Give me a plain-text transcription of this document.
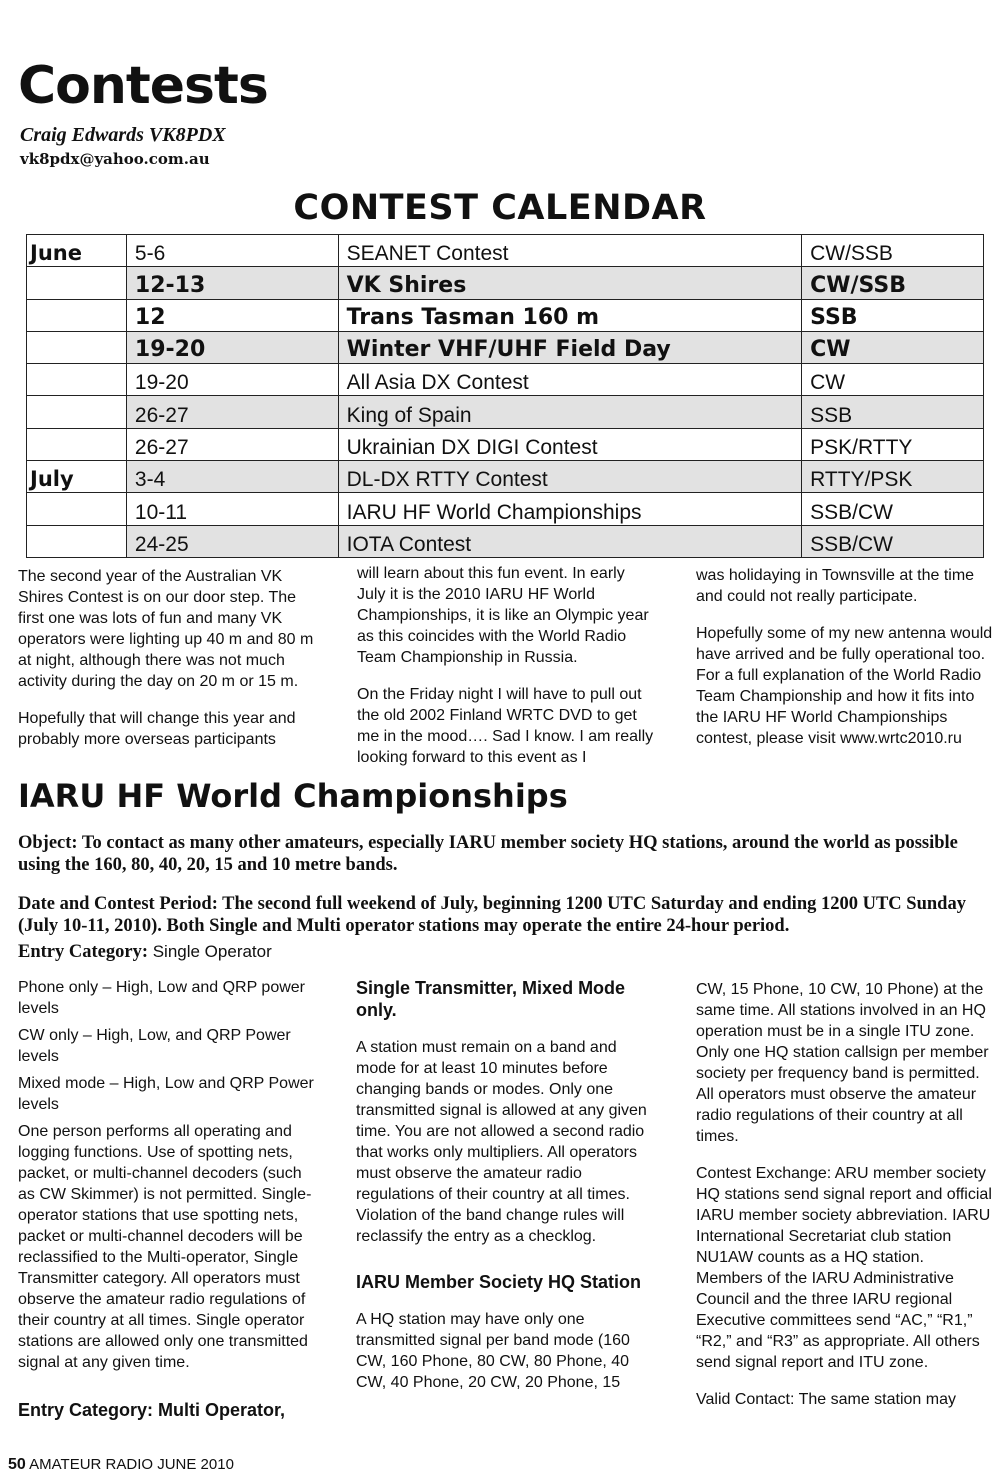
Contests
Craig Edwards VK8PDX
vk8pdx@yahoo.com.au
CONTEST CALENDAR
June	5-6	SEANET Contest	CW/SSB
	12-13	VK Shires	CW/SSB
	12	Trans Tasman 160 m	SSB
	19-20	Winter VHF/UHF Field Day	CW
	19-20	All Asia DX Contest	CW
	26-27	King of Spain	SSB
	26-27	Ukrainian DX DIGI Contest	PSK/RTTY
July	3-4	DL-DX RTTY Contest	RTTY/PSK
	10-11	IARU HF World Championships	SSB/CW
	24-25	IOTA Contest	SSB/CW

The second year of the Australian VK Shires Contest is on our door step. The first one was lots of fun and many VK operators were lighting up 40 m and 80 m at night, although there was not much activity during the day on 20 m or 15 m.

Hopefully that will change this year and probably more overseas participants

will learn about this fun event. In early July it is the 2010 IARU HF World Championships, it is like an Olympic year as this coincides with the World Radio Team Championship in Russia.

On the Friday night I will have to pull out the old 2002 Finland WRTC DVD to get me in the mood…. Sad I know. I am really looking forward to this event as I

was holidaying in Townsville at the time and could not really participate.

Hopefully some of my new antenna would have arrived and be fully operational too. For a full explanation of the World Radio Team Championship and how it fits into the IARU HF World Championships contest, please visit www.wrtc2010.ru

IARU HF World Championships
Object: To contact as many other amateurs, especially IARU member society HQ stations, around the world as possible using the 160, 80, 40, 20, 15 and 10 metre bands.
Date and Contest Period: The second full weekend of July, beginning 1200 UTC Saturday and ending 1200 UTC Sunday (July 10-11, 2010). Both Single and Multi operator stations may operate the entire 24-hour period.
Entry Category: Single Operator

Phone only – High, Low and QRP power levels

CW only – High, Low, and QRP Power levels

Mixed mode – High, Low and QRP Power levels

One person performs all operating and logging functions. Use of spotting nets, packet, or multi-channel decoders (such as CW Skimmer) is not permitted. Single-operator stations that use spotting nets, packet or multi-channel decoders will be reclassified to the Multi-operator, Single Transmitter category. All operators must observe the amateur radio regulations of their country at all times. Single operator stations are allowed only one transmitted signal at any given time.

Entry Category: Multi Operator,

Single Transmitter, Mixed Mode only.

A station must remain on a band and mode for at least 10 minutes before changing bands or modes. Only one transmitted signal is allowed at any given time. You are not allowed a second radio that works only multipliers. All operators must observe the amateur radio regulations of their country at all times. Violation of the band change rules will reclassify the entry as a checklog.

IARU Member Society HQ Station

A HQ station may have only one transmitted signal per band mode (160 CW, 160 Phone, 80 CW, 80 Phone, 40 CW, 40 Phone, 20 CW, 20 Phone, 15

CW, 15 Phone, 10 CW, 10 Phone) at the same time. All stations involved in an HQ operation must be in a single ITU zone. Only one HQ station callsign per member society per frequency band is permitted. All operators must observe the amateur radio regulations of their country at all times.

Contest Exchange: ARU member society HQ stations send signal report and official IARU member society abbreviation. IARU International Secretariat club station NU1AW counts as a HQ station. Members of the IARU Administrative Council and the three IARU regional Executive committees send “AC,” “R1,” “R2,” and “R3” as appropriate. All others send signal report and ITU zone.

Valid Contact: The same station may

50 AMATEUR RADIO JUNE 2010
